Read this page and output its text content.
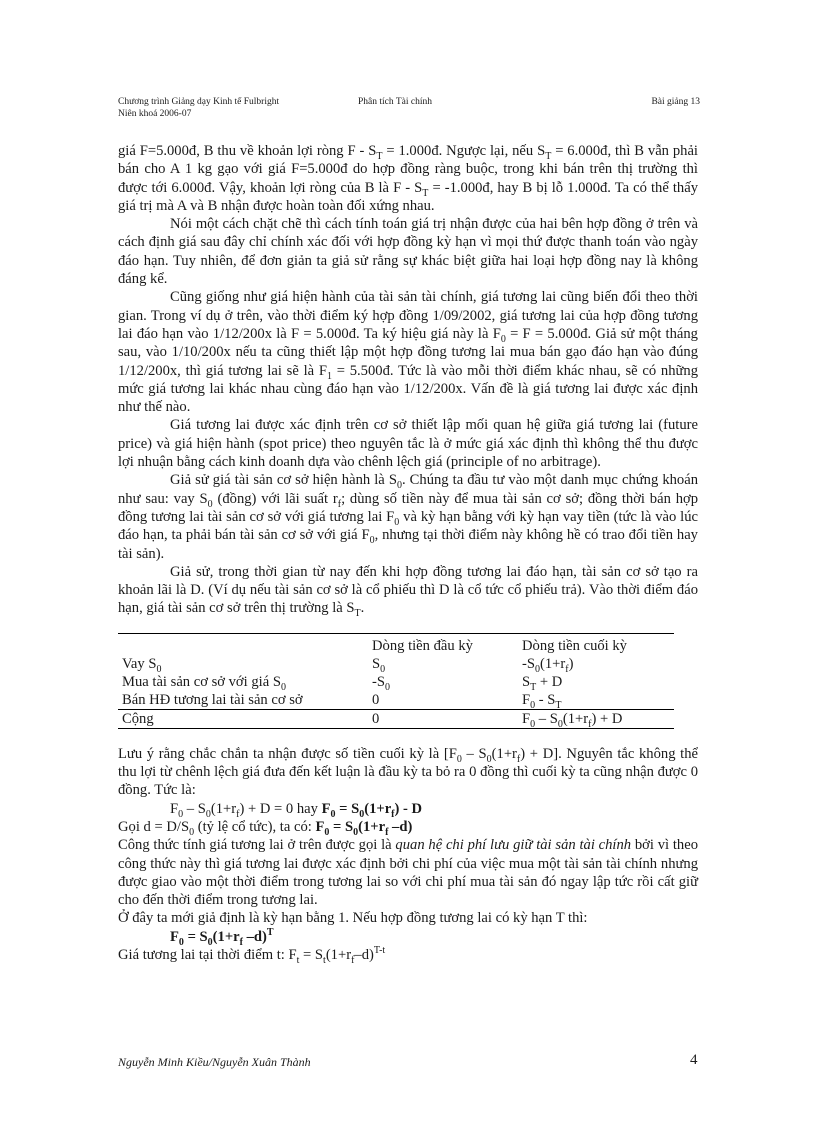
Chương trình Giảng dạy Kinh tế Fulbright
Niên khoá 2006-07
Phân tích Tài chính	Bài giảng 13

giá F=5.000đ, B thu về khoản lợi ròng F - $S_T$ = 1.000đ. Ngược lại, nếu $S_T$ = 6.000đ, thì B vẫn phải bán cho A 1 kg gạo với giá F=5.000đ do hợp đồng ràng buộc, trong khi bán trên thị trường thì được tới 6.000đ. Vậy, khoản lợi ròng của B là F - $S_T$ = -1.000đ, hay B bị lỗ 1.000đ. Ta có thể thấy giá trị mà A và B nhận được hoàn toàn đối xứng nhau.

Nói một cách chặt chẽ thì cách tính toán giá trị nhận được của hai bên hợp đồng ở trên và cách định giá sau đây chỉ chính xác đối với hợp đồng kỳ hạn vì mọi thứ được thanh toán vào ngày đáo hạn. Tuy nhiên, để đơn giản ta giả sử rằng sự khác biệt giữa hai loại hợp đồng nay là không đáng kể.

Cũng giống như giá hiện hành của tài sản tài chính, giá tương lai cũng biến đổi theo thời gian. Trong ví dụ ở trên, vào thời điểm ký hợp đồng 1/09/2002, giá tương lai của hợp đồng tương lai đáo hạn vào 1/12/200x là F = 5.000đ. Ta ký hiệu giá này là $F_0 = F$ = 5.000đ. Giả sử một tháng sau, vào 1/10/200x nếu ta cũng thiết lập một hợp đồng tương lai mua bán gạo đáo hạn vào đúng 1/12/200x, thì giá tương lai sẽ là $F_1$ = 5.500đ. Tức là vào mỗi thời điểm khác nhau, sẽ có những mức giá tương lai khác nhau cùng đáo hạn vào 1/12/200x. Vấn đề là giá tương lai được xác định như thế nào.

Giá tương lai được xác định trên cơ sở thiết lập mối quan hệ giữa giá tương lai (future price) và giá hiện hành (spot price) theo nguyên tắc là ở mức giá xác định thì không thể thu được lợi nhuận bằng cách kinh doanh dựa vào chênh lệch giá (principle of no arbitrage).

Giả sử giá tài sản cơ sở hiện hành là $S_0$. Chúng ta đầu tư vào một danh mục chứng khoán như sau: vay $S_0$ (đồng) với lãi suất $r_f$; dùng số tiền này để mua tài sản cơ sở; đồng thời bán hợp đồng tương lai tài sản cơ sở với giá tương lai $F_0$ và kỳ hạn bằng với kỳ hạn vay tiền (tức là vào lúc đáo hạn, ta phải bán tài sản cơ sở với giá $F_0$, nhưng tại thời điểm này không hề có trao đổi tiền hay tài sản).

Giả sử, trong thời gian từ nay đến khi hợp đồng tương lai đáo hạn, tài sản cơ sở tạo ra khoản lãi là D. (Ví dụ nếu tài sản cơ sở là cổ phiếu thì D là cổ tức cổ phiếu trả). Vào thời điểm đáo hạn, giá tài sản cơ sở trên thị trường là $S_T$.

	Dòng tiền đầu kỳ	Dòng tiền cuối kỳ
Vay $S_0$	$S_0$	$-S_0(1+r_f)$
Mua tài sản cơ sở với giá $S_0$	$-S_0$	$S_T + D$
Bán HĐ tương lai tài sản cơ sở	0	$F_0 - S_T$
Cộng	0	$F_0 - S_0(1+r_f) + D$

Lưu ý rằng chắc chắn ta nhận được số tiền cuối kỳ là $[F_0 - S_0(1+r_f) + D]$. Nguyên tắc không thể thu lợi từ chênh lệch giá đưa đến kết luận là đầu kỳ ta bỏ ra 0 đồng thì cuối kỳ ta cũng nhận được 0 đồng. Tức là:

$F_0 - S_0(1+r_f) + D = 0$ hay $F_0 = S_0(1+r_f) - D$

Gọi $d = D/S_0$ (tỷ lệ cổ tức), ta có: $F_0 = S_0(1+r_f$ –d)

Công thức tính giá tương lai ở trên được gọi là quan hệ chi phí lưu giữ tài sản tài chính bởi vì theo công thức này thì giá tương lai được xác định bởi chi phí của việc mua một tài sản tài chính nhưng được giao vào một thời điểm trong tương lai so với chi phí mua tài sản đó ngay lập tức rồi cất giữ cho đến thời điểm trong tương lai.

Ở đây ta mới giả định là kỳ hạn bằng 1. Nếu hợp đồng tương lai có kỳ hạn T thì:

$F_0 = S_0(1+r_f$ –d)$^T$

Giá tương lai tại thời điểm t: $F_t = S_t(1+r_f-d)^{T-t}$

Nguyễn Minh Kiều/Nguyễn Xuân Thành	4
